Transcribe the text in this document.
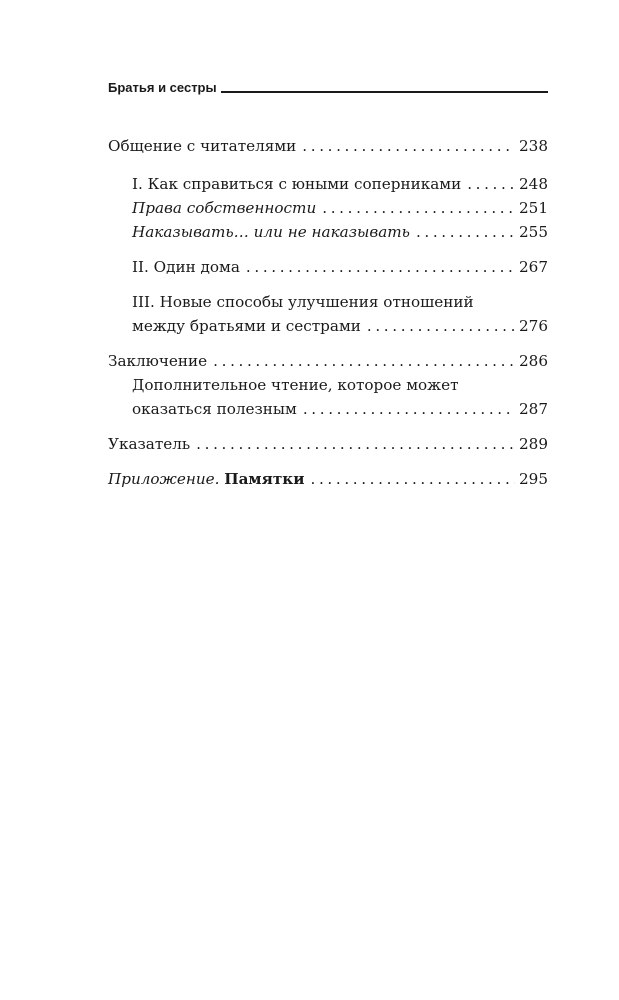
Братья и сестры
Общение с читателями . . .	238
I. Как справиться с юными соперниками . . .	248
Права собственности . . .	251
Наказывать… или не наказывать . . .	255
II. Один дома . . .	267
III. Новые способы улучшения отношений
между братьями и сестрами . . .	276
Заключение . . .	286
Дополнительное чтение, которое может
оказаться полезным . . .	287
Указатель . . .	289
Приложение. Памятки . . .	295
